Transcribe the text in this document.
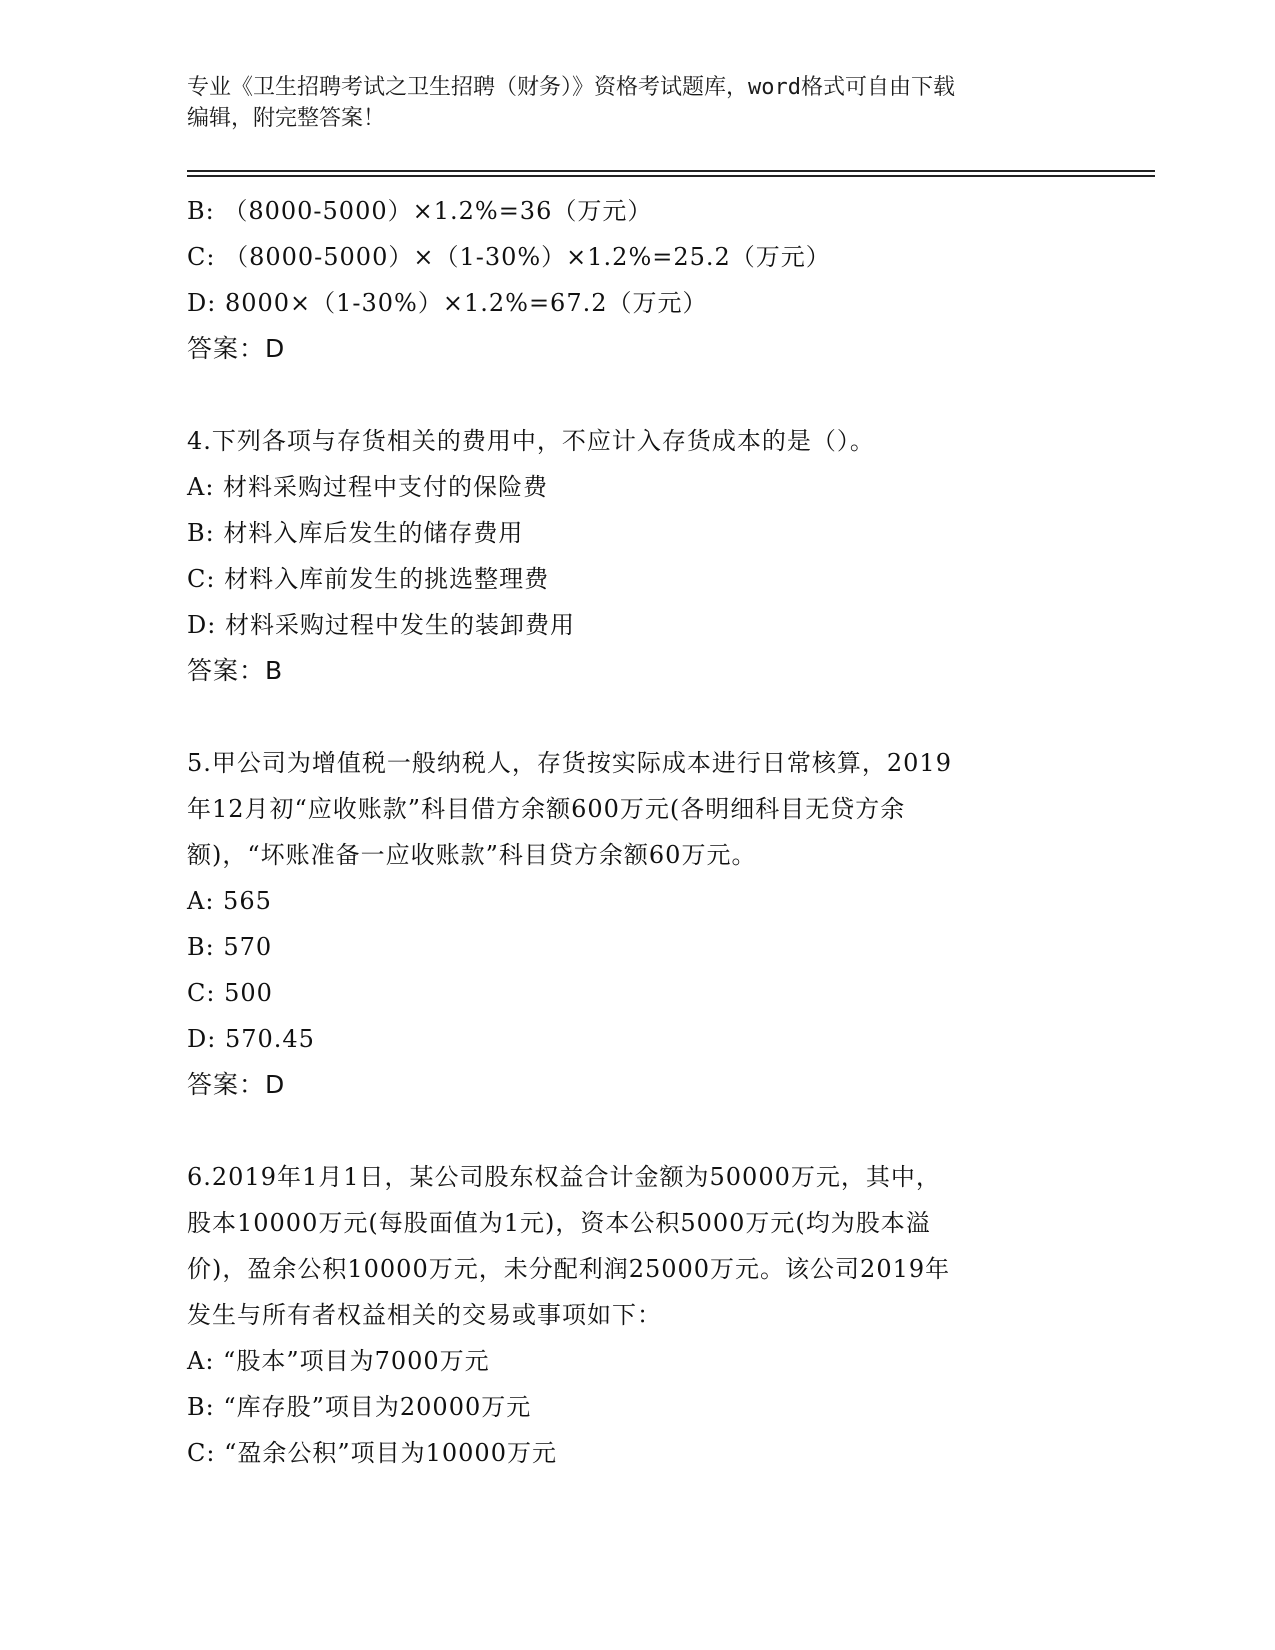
专业《卫生招聘考试之卫生招聘（财务）》资格考试题库，word格式可自由下载
编辑，附完整答案！
B: （8000-5000）×1.2%=36（万元）
C: （8000-5000）×（1-30%）×1.2%=25.2（万元）
D: 8000×（1-30%）×1.2%=67.2（万元）
答案：D
4.下列各项与存货相关的费用中，不应计入存货成本的是（）。
A: 材料采购过程中支付的保险费
B: 材料入库后发生的储存费用
C: 材料入库前发生的挑选整理费
D: 材料采购过程中发生的装卸费用
答案：B
5.甲公司为增值税一般纳税人，存货按实际成本进行日常核算，2019
年12月初“应收账款”科目借方余额600万元(各明细科目无贷方余
额)，“坏账准备一应收账款”科目贷方余额60万元。
A: 565
B: 570
C: 500
D: 570.45
答案：D
6.2019年1月1日，某公司股东权益合计金额为50000万元，其中，
股本10000万元(每股面值为1元)，资本公积5000万元(均为股本溢
价)，盈余公积10000万元，未分配利润25000万元。该公司2019年
发生与所有者权益相关的交易或事项如下：
A: “股本”项目为7000万元
B: “库存股”项目为20000万元
C: “盈余公积”项目为10000万元
